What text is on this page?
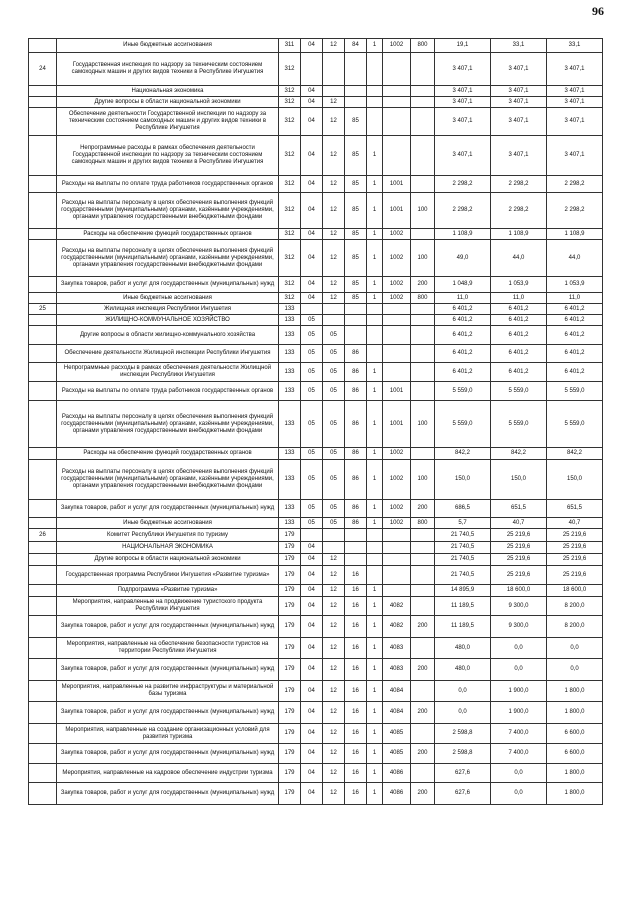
96
	Иные бюджетные ассигнования	311	04	12	84	1	1002	800	19,1	33,1	33,1
24	Государственная инспекция по надзору за техническим состоянием самоходных машин и других видов техники в Республике Ингушетия	312							3 407,1	3 407,1	3 407,1
	Национальная экономика	312	04						3 407,1	3 407,1	3 407,1
	Другие вопросы в области национальной экономики	312	04	12					3 407,1	3 407,1	3 407,1
	Обеспечение деятельности Государственной инспекции по надзору за техническим состоянием самоходных машин и других видов техники в Республике Ингушетия	312	04	12	85				3 407,1	3 407,1	3 407,1
	Непрограммные расходы в рамках обеспечения деятельности Государственной инспекции по надзору за техническим состоянием самоходных машин и других видов техники в Республике Ингушетия	312	04	12	85	1			3 407,1	3 407,1	3 407,1
	Расходы на выплаты по оплате труда работников государственных органов	312	04	12	85	1	1001		2 298,2	2 298,2	2 298,2
	Расходы на выплаты персоналу в целях обеспечения выполнения функций государственными (муниципальными) органами, казёнными учреждениями, органами управления государственными внебюджетными фондами	312	04	12	85	1	1001	100	2 298,2	2 298,2	2 298,2
	Расходы на обеспечение функций государственных органов	312	04	12	85	1	1002		1 108,9	1 108,9	1 108,9
	Расходы на выплаты персоналу в целях обеспечения выполнения функций государственными (муниципальными) органами, казёнными учреждениями, органами управления государственными внебюджетными фондами	312	04	12	85	1	1002	100	49,0	44,0	44,0
	Закупка товаров, работ и услуг для государственных (муниципальных) нужд	312	04	12	85	1	1002	200	1 048,9	1 053,9	1 053,9
	Иные бюджетные ассигнования	312	04	12	85	1	1002	800	11,0	11,0	11,0
25	Жилищная инспекция Республики Ингушетия	133							6 401,2	6 401,2	6 401,2
	ЖИЛИЩНО-КОММУНАЛЬНОЕ ХОЗЯЙСТВО	133	05						6 401,2	6 401,2	6 401,2
	Другие вопросы в области жилищно-коммунального хозяйства	133	05	05					6 401,2	6 401,2	6 401,2
	Обеспечение деятельности Жилищной инспекции Республики Ингушетия	133	05	05	86				6 401,2	6 401,2	6 401,2
	Непрограммные расходы в рамках обеспечения деятельности Жилищной инспекции Республики Ингушетия	133	05	05	86	1			6 401,2	6 401,2	6 401,2
	Расходы на выплаты по оплате труда работников государственных органов	133	05	05	86	1	1001		5 559,0	5 559,0	5 559,0
	Расходы на выплаты персоналу в целях обеспечения выполнения функций государственными (муниципальными) органами, казёнными учреждениями, органами управления государственными внебюджетными фондами	133	05	05	86	1	1001	100	5 559,0	5 559,0	5 559,0
	Расходы на обеспечение функций государственных органов	133	05	05	86	1	1002		842,2	842,2	842,2
	Расходы на выплаты персоналу в целях обеспечения выполнения функций государственными (муниципальными) органами, казёнными учреждениями, органами управления государственными внебюджетными фондами	133	05	05	86	1	1002	100	150,0	150,0	150,0
	Закупка товаров, работ и услуг для государственных (муниципальных) нужд	133	05	05	86	1	1002	200	686,5	651,5	651,5
	Иные бюджетные ассигнования	133	05	05	86	1	1002	800	5,7	40,7	40,7
26	Комитет Республики Ингушетия по туризму	179							21 740,5	25 219,6	25 219,6
	НАЦИОНАЛЬНАЯ ЭКОНОМИКА	179	04						21 740,5	25 219,6	25 219,6
	Другие вопросы в области национальной экономики	179	04	12					21 740,5	25 219,6	25 219,6
	Государственная программа Республики Ингушетия «Развитие туризма»	179	04	12	16				21 740,5	25 219,6	25 219,6
	Подпрограмма «Развитие туризма»	179	04	12	16	1			14 895,9	18 600,0	18 600,0
	Мероприятия, направленные на продвижение туристского продукта Республики Ингушетия	179	04	12	16	1	4082		11 189,5	9 300,0	8 200,0
	Закупка товаров, работ и услуг для государственных (муниципальных) нужд	179	04	12	16	1	4082	200	11 189,5	9 300,0	8 200,0
	Мероприятия, направленные на обеспечение безопасности туристов на территории Республики Ингушетия	179	04	12	16	1	4083		480,0	0,0	0,0
	Закупка товаров, работ и услуг для государственных (муниципальных) нужд	179	04	12	16	1	4083	200	480,0	0,0	0,0
	Мероприятия, направленные на развитие инфраструктуры и материальной базы туризма	179	04	12	16	1	4084		0,0	1 900,0	1 800,0
	Закупка товаров, работ и услуг для государственных (муниципальных) нужд	179	04	12	16	1	4084	200	0,0	1 900,0	1 800,0
	Мероприятия, направленные на создание организационных условий для развития туризма	179	04	12	16	1	4085		2 598,8	7 400,0	6 600,0
	Закупка товаров, работ и услуг для государственных (муниципальных) нужд	179	04	12	16	1	4085	200	2 598,8	7 400,0	6 600,0
	Мероприятия, направленные на кадровое обеспечение индустрии туризма	179	04	12	16	1	4086		627,6	0,0	1 800,0
	Закупка товаров, работ и услуг для государственных (муниципальных) нужд	179	04	12	16	1	4086	200	627,6	0,0	1 800,0
